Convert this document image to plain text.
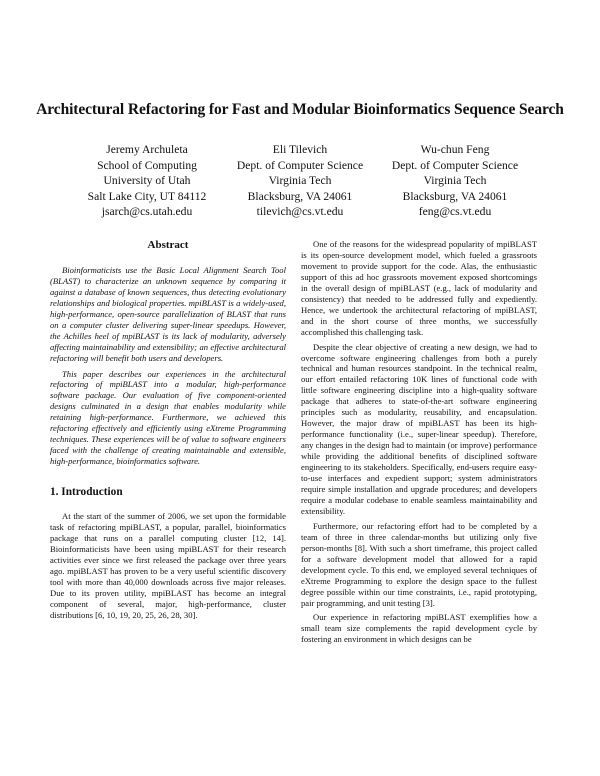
Architectural Refactoring for Fast and Modular Bioinformatics Sequence Search
Jeremy Archuleta
School of Computing
University of Utah
Salt Lake City, UT 84112
jsarch@cs.utah.edu
Eli Tilevich
Dept. of Computer Science
Virginia Tech
Blacksburg, VA 24061
tilevich@cs.vt.edu
Wu-chun Feng
Dept. of Computer Science
Virginia Tech
Blacksburg, VA 24061
feng@cs.vt.edu
Abstract

Bioinformaticists use the Basic Local Alignment Search Tool (BLAST) to characterize an unknown sequence by comparing it against a database of known sequences, thus detecting evolutionary relationships and biological properties. mpiBLAST is a widely-used, high-performance, open-source parallelization of BLAST that runs on a computer cluster delivering super-linear speedups. However, the Achilles heel of mpiBLAST is its lack of modularity, adversely affecting maintainability and extensibility; an effective architectural refactoring will benefit both users and developers.

This paper describes our experiences in the architectural refactoring of mpiBLAST into a modular, high-performance software package. Our evaluation of five component-oriented designs culminated in a design that enables modularity while retaining high-performance. Furthermore, we achieved this refactoring effectively and efficiently using eXtreme Programming techniques. These experiences will be of value to software engineers faced with the challenge of creating maintainable and extensible, high-performance, bioinformatics software.

1. Introduction

At the start of the summer of 2006, we set upon the formidable task of refactoring mpiBLAST, a popular, parallel, bioinformatics package that runs on a parallel computing cluster [12, 14]. Bioinformaticists have been using mpiBLAST for their research activities ever since we first released the package over three years ago. mpiBLAST has proven to be a very useful scientific discovery tool with more than 40,000 downloads across five major releases. Due to its proven utility, mpiBLAST has become an integral component of several, major, high-performance, cluster distributions [6, 10, 19, 20, 25, 26, 28, 30].

One of the reasons for the widespread popularity of mpiBLAST is its open-source development model, which fueled a grassroots movement to provide support for the code. Alas, the enthusiastic support of this ad hoc grassroots movement exposed shortcomings in the overall design of mpiBLAST (e.g., lack of modularity and consistency) that needed to be addressed fully and expediently. Hence, we undertook the architectural refactoring of mpiBLAST, and in the short course of three months, we successfully accomplished this challenging task.

Despite the clear objective of creating a new design, we had to overcome software engineering challenges from both a purely technical and human resources standpoint. In the technical realm, our effort entailed refactoring 10K lines of functional code with little software engineering discipline into a high-quality software package that adheres to state-of-the-art software engineering principles such as modularity, reusability, and encapsulation. However, the major draw of mpiBLAST has been its high-performance functionality (i.e., super-linear speedup). Therefore, any changes in the design had to maintain (or improve) performance while providing the additional benefits of disciplined software engineering to its stakeholders. Specifically, end-users require easy-to-use interfaces and expedient support; system administrators require simple installation and upgrade procedures; and developers require a modular codebase to enable seamless maintainability and extensibility.

Furthermore, our refactoring effort had to be completed by a team of three in three calendar-months but utilizing only five person-months [8]. With such a short timeframe, this project called for a software development model that allowed for a rapid development cycle. To this end, we employed several techniques of eXtreme Programming to explore the design space to the fullest degree possible within our time constraints, i.e., rapid prototyping, pair programming, and unit testing [3].

Our experience in refactoring mpiBLAST exemplifies how a small team size complements the rapid development cycle by fostering an environment in which designs can be
